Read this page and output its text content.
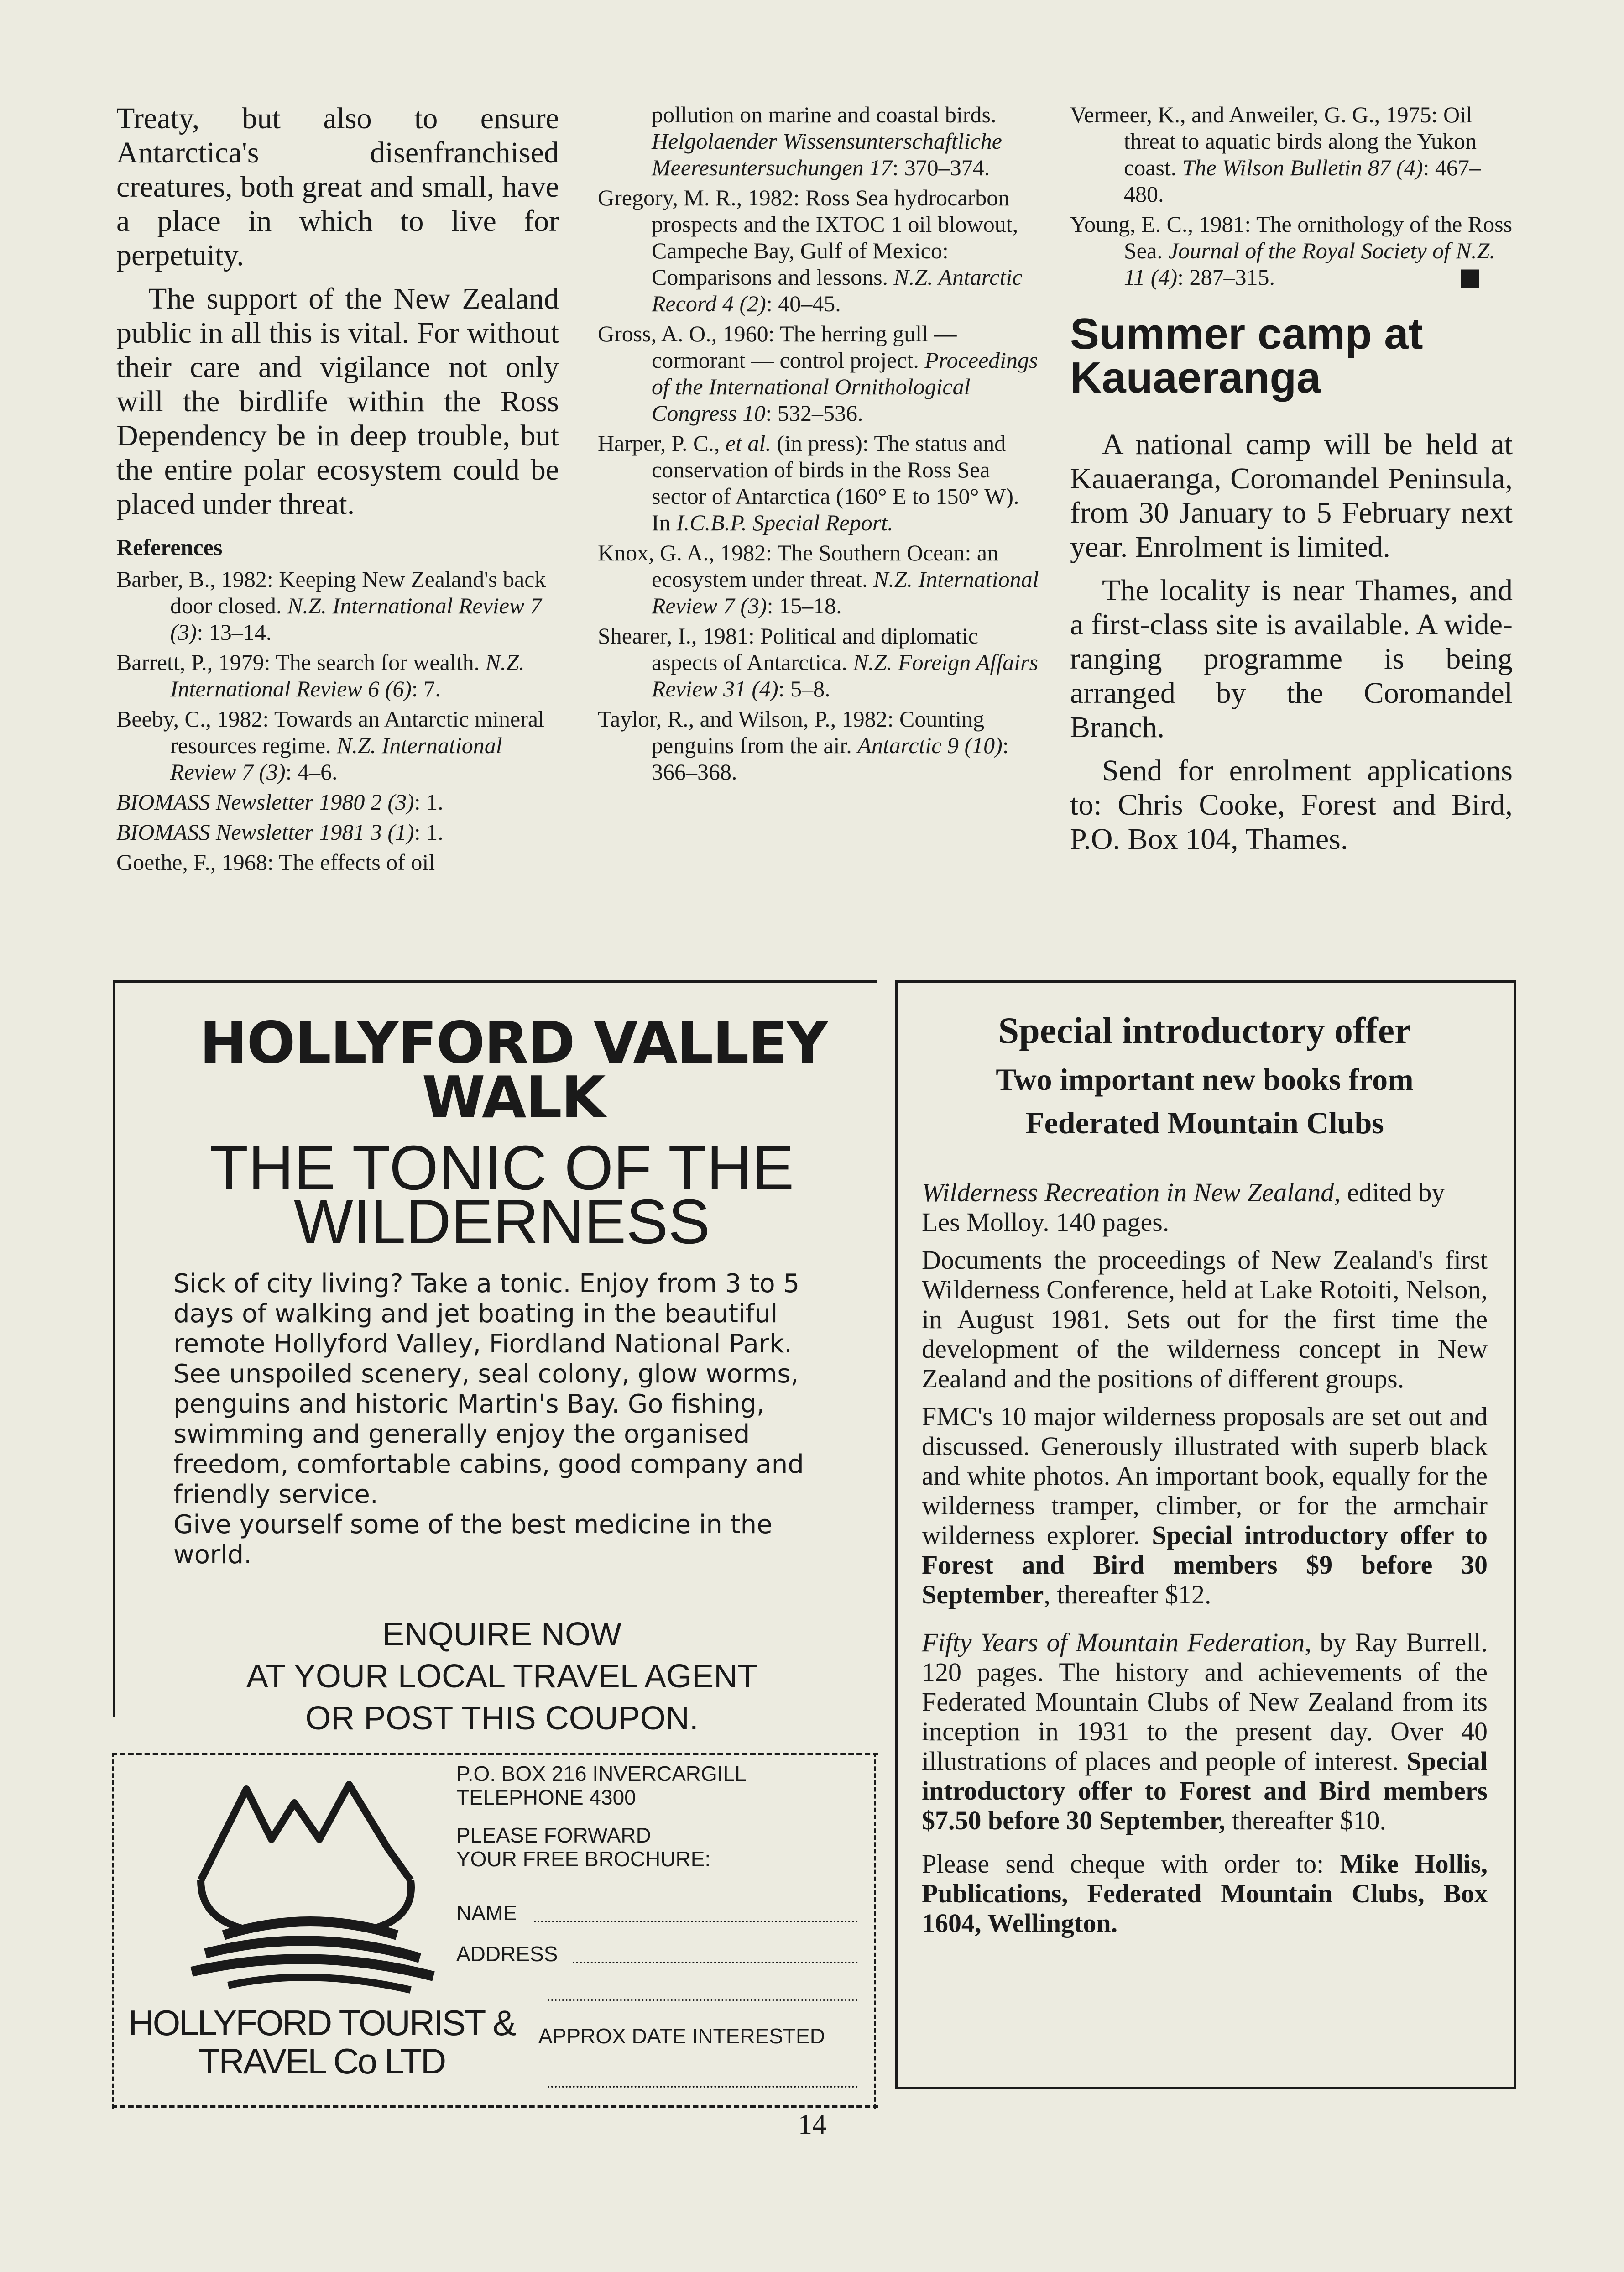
Treaty, but also to ensure Antarctica's disenfranchised creatures, both great and small, have a place in which to live for perpetuity.

The support of the New Zealand public in all this is vital. For without their care and vigilance not only will the birdlife within the Ross Dependency be in deep trouble, but the entire polar ecosystem could be placed under threat.

References

Barber, B., 1982: Keeping New Zealand's back door closed. N.Z. International Review 7 (3): 13–14.

Barrett, P., 1979: The search for wealth. N.Z. International Review 6 (6): 7.

Beeby, C., 1982: Towards an Antarctic mineral resources regime. N.Z. International Review 7 (3): 4–6.

BIOMASS Newsletter 1980 2 (3): 1.

BIOMASS Newsletter 1981 3 (1): 1.

Goethe, F., 1968: The effects of oil

pollution on marine and coastal birds. Helgolaender Wissensunterschaftliche Meeresuntersuchungen 17: 370–374.

Gregory, M. R., 1982: Ross Sea hydrocarbon prospects and the IXTOC 1 oil blowout, Campeche Bay, Gulf of Mexico: Comparisons and lessons. N.Z. Antarctic Record 4 (2): 40–45.

Gross, A. O., 1960: The herring gull — cormorant — control project. Proceedings of the International Ornithological Congress 10: 532–536.

Harper, P. C., et al. (in press): The status and conservation of birds in the Ross Sea sector of Antarctica (160° E to 150° W). In I.C.B.P. Special Report.

Knox, G. A., 1982: The Southern Ocean: an ecosystem under threat. N.Z. International Review 7 (3): 15–18.

Shearer, I., 1981: Political and diplomatic aspects of Antarctica. N.Z. Foreign Affairs Review 31 (4): 5–8.

Taylor, R., and Wilson, P., 1982: Counting penguins from the air. Antarctic 9 (10): 366–368.

Vermeer, K., and Anweiler, G. G., 1975: Oil threat to aquatic birds along the Yukon coast. The Wilson Bulletin 87 (4): 467–480.

Young, E. C., 1981: The ornithology of the Ross Sea. Journal of the Royal Society of N.Z. 11 (4): 287–315.	■

Summer camp at Kauaeranga

A national camp will be held at Kauaeranga, Coromandel Peninsula, from 30 January to 5 February next year. Enrolment is limited.

The locality is near Thames, and a first-class site is available. A wide-ranging programme is being arranged by the Coromandel Branch.

Send for enrolment applications to: Chris Cooke, Forest and Bird, P.O. Box 104, Thames.

HOLLYFORD VALLEY WALK
THE TONIC OF THE WILDERNESS

Sick of city living? Take a tonic. Enjoy from 3 to 5 days of walking and jet boating in the beautiful remote Hollyford Valley, Fiordland National Park.

See unspoiled scenery, seal colony, glow worms, penguins and historic Martin's Bay. Go fishing, swimming and generally enjoy the organised freedom, comfortable cabins, good company and friendly service.

Give yourself some of the best medicine in the world.

ENQUIRE NOW
AT YOUR LOCAL TRAVEL AGENT
OR POST THIS COUPON.
P.O. BOX 216 INVERCARGILL
TELEPHONE 4300
PLEASE FORWARD
YOUR FREE BROCHURE:
NAME
ADDRESS
APPROX DATE INTERESTED
HOLLYFORD TOURIST &
TRAVEL Co LTD
Special introductory offer
Two important new books from
Federated Mountain Clubs

Wilderness Recreation in New Zealand, edited by Les Molloy. 140 pages.

Documents the proceedings of New Zealand's first Wilderness Conference, held at Lake Rotoiti, Nelson, in August 1981. Sets out for the first time the development of the wilderness concept in New Zealand and the positions of different groups.

FMC's 10 major wilderness proposals are set out and discussed. Generously illustrated with superb black and white photos. An important book, equally for the wilderness tramper, climber, or for the armchair wilderness explorer. Special introductory offer to Forest and Bird members $9 before 30 September, thereafter $12.

Fifty Years of Mountain Federation, by Ray Burrell. 120 pages. The history and achievements of the Federated Mountain Clubs of New Zealand from its inception in 1931 to the present day. Over 40 illustrations of places and people of interest. Special introductory offer to Forest and Bird members $7.50 before 30 September, thereafter $10.

Please send cheque with order to: Mike Hollis, Publications, Federated Mountain Clubs, Box 1604, Wellington.

14
